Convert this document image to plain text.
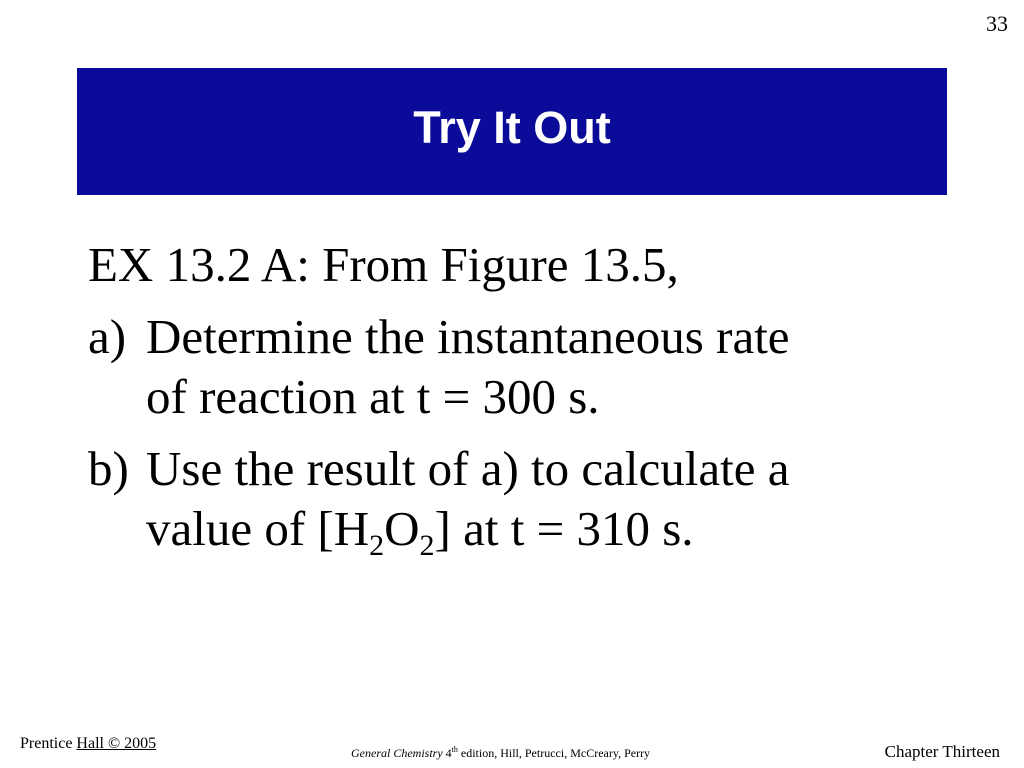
33
Try It Out
EX 13.2 A: From Figure 13.5,
a) Determine the instantaneous rate
of reaction at t = 300 s.
b) Use the result of a) to calculate a
value of $[H_2O_2]$ at t = 310 s.
Prentice Hall © 2005
General Chemistry 4th edition, Hill, Petrucci, McCreary, Perry	Chapter Thirteen
